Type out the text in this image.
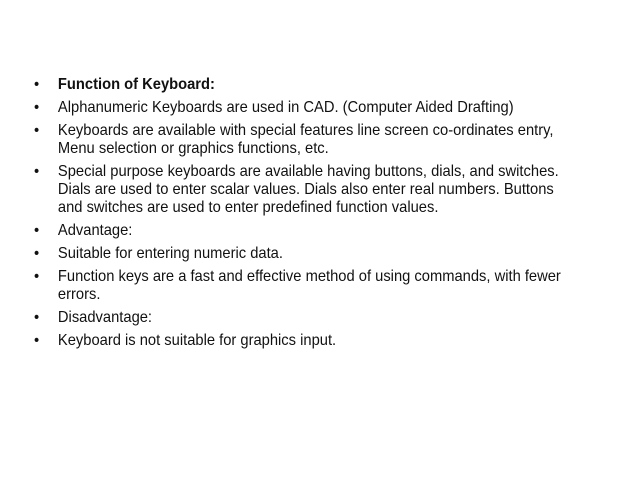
•	Function of Keyboard:
•	Alphanumeric Keyboards are used in CAD. (Computer Aided Drafting)
•	Keyboards are available with special features line screen co-ordinates entry, Menu selection or graphics functions, etc.
•	Special purpose keyboards are available having buttons, dials, and switches. Dials are used to enter scalar values. Dials also enter real numbers. Buttons and switches are used to enter predefined function values.
•	Advantage:
•	Suitable for entering numeric data.
•	Function keys are a fast and effective method of using commands, with fewer errors.
•	Disadvantage:
•	Keyboard is not suitable for graphics input.
